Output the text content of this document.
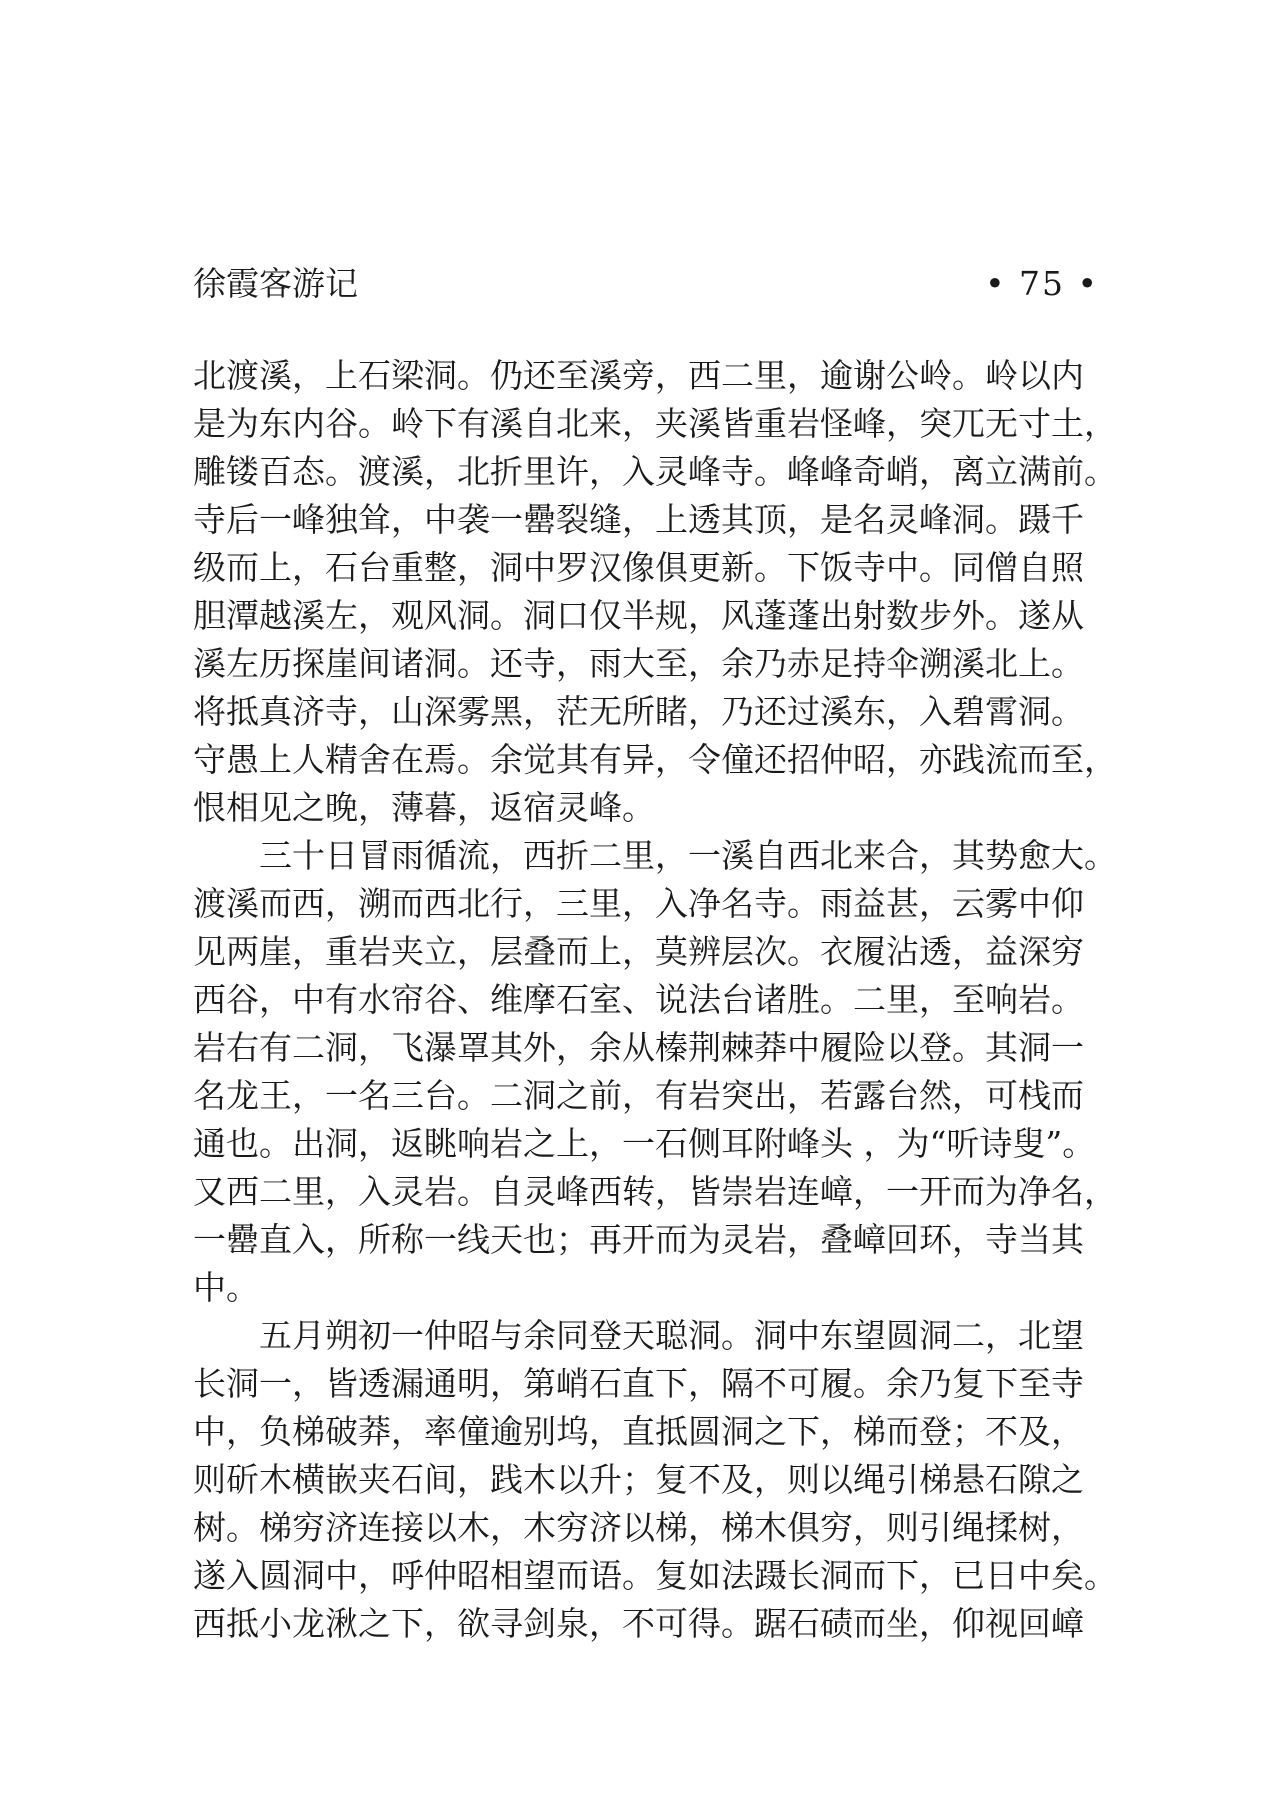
徐霞客游记	• 75 •
北渡溪，上石梁洞。仍还至溪旁，西二里，逾谢公岭。岭以内
是为东内谷。岭下有溪自北来，夹溪皆重岩怪峰，突兀无寸土，
雕镂百态。渡溪，北折里许，入灵峰寺。峰峰奇峭，离立满前。
寺后一峰独耸，中袭一罍裂缝，上透其顶，是名灵峰洞。蹑千
级而上，石台重整，洞中罗汉像俱更新。下饭寺中。同僧自照
胆潭越溪左，观风洞。洞口仅半规，风蓬蓬出射数步外。遂从
溪左历探崖间诸洞。还寺，雨大至，余乃赤足持伞溯溪北上。
将抵真济寺，山深雾黑，茫无所睹，乃还过溪东，入碧霄洞。
守愚上人精舍在焉。余觉其有异，令僮还招仲昭，亦践流而至，
恨相见之晚，薄暮，返宿灵峰。
　　三十日冒雨循流，西折二里，一溪自西北来合，其势愈大。
渡溪而西，溯而西北行，三里，入净名寺。雨益甚，云雾中仰
见两崖，重岩夹立，层叠而上，莫辨层次。衣履沾透，益深穷
西谷，中有水帘谷、维摩石室、说法台诸胜。二里，至响岩。
岩右有二洞，飞瀑罩其外，余从榛荆棘莽中履险以登。其洞一
名龙王，一名三台。二洞之前，有岩突出，若露台然，可栈而
通也。出洞，返眺响岩之上，一石侧耳附峰头 ，为“听诗叟”。
又西二里，入灵岩。自灵峰西转，皆崇岩连嶂，一开而为净名，
一罍直入，所称一线天也；再开而为灵岩，叠嶂回环，寺当其
中。
　　五月朔初一仲昭与余同登天聪洞。洞中东望圆洞二，北望
长洞一，皆透漏通明，第峭石直下，隔不可履。余乃复下至寺
中，负梯破莽，率僮逾别坞，直抵圆洞之下，梯而登；不及，
则斫木横嵌夹石间，践木以升；复不及，则以绳引梯悬石隙之
树。梯穷济连接以木，木穷济以梯，梯木俱穷，则引绳揉树，
遂入圆洞中，呼仲昭相望而语。复如法蹑长洞而下，已日中矣。
西抵小龙湫之下，欲寻剑泉，不可得。踞石碛而坐，仰视回嶂
